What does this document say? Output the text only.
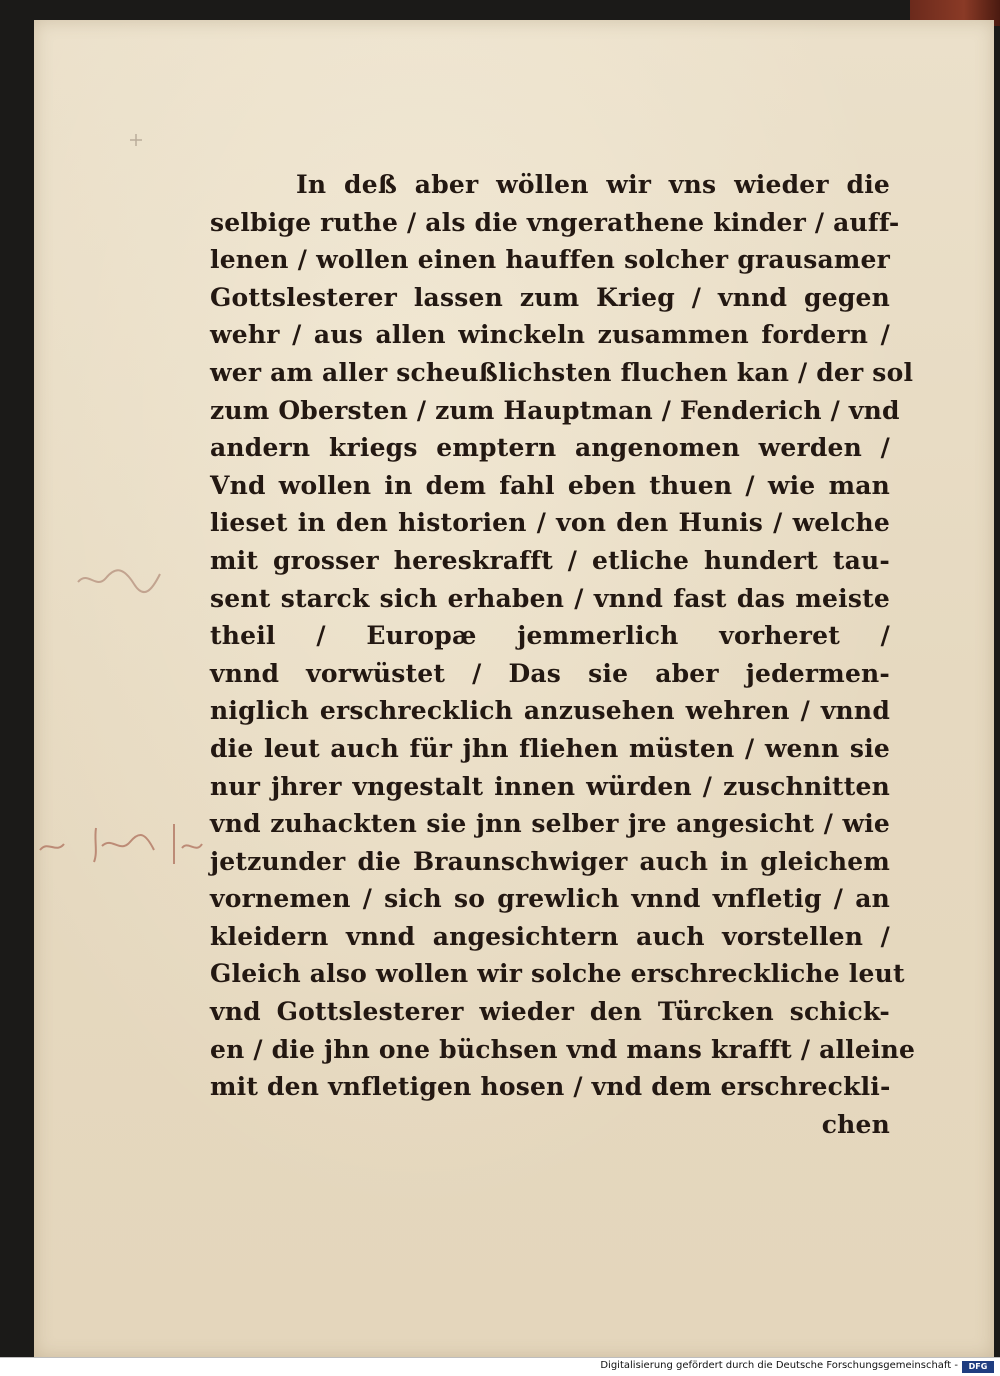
In deß aber wöllen wir vns wieder die
selbige ruthe / als die vngerathene kinder / auff-
lenen / wollen einen hauffen solcher grausamer
Gottslesterer lassen zum Krieg / vnnd gegen
wehr / aus allen winckeln zusammen fordern /
wer am aller scheußlichsten fluchen kan / der sol
zum Obersten / zum Hauptman / Fenderich / vnd
andern kriegs emptern angenomen werden /
Vnd wollen in dem fahl eben thuen / wie man
lieset in den historien / von den Hunis / welche
mit grosser hereskrafft / etliche hundert tau-
sent starck sich erhaben / vnnd fast das meiste
theil / Europæ jemmerlich vorheret /
vnnd vorwüstet / Das sie aber jedermen-
niglich erschrecklich anzusehen wehren / vnnd
die leut auch für jhn fliehen müsten / wenn sie
nur jhrer vngestalt innen würden / zuschnitten
vnd zuhackten sie jnn selber jre angesicht / wie
jetzunder die Braunschwiger auch in gleichem
vornemen / sich so grewlich vnnd vnfletig / an
kleidern vnnd angesichtern auch vorstellen /
Gleich also wollen wir solche erschreckliche leut
vnd Gottslesterer wieder den Türcken schick-
en / die jhn one büchsen vnd mans krafft / alleine
mit den vnfletigen hosen / vnd dem erschreckli-
chen
Digitalisierung gefördert durch die Deutsche Forschungsgemeinschaft -	DFG
